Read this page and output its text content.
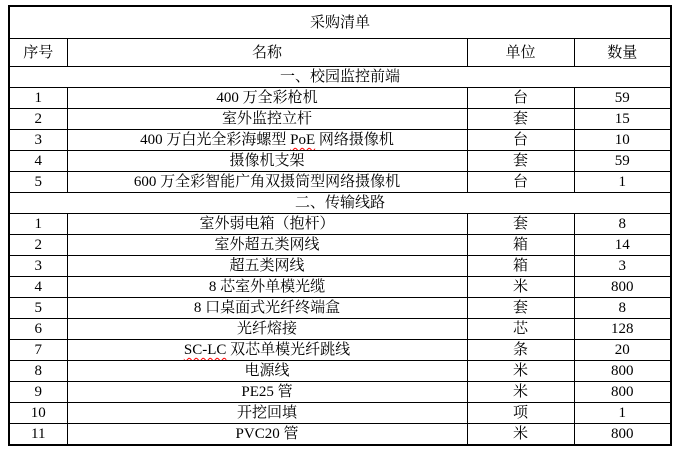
采购清单			
序号	名称	单位	数量
一、校园监控前端			
1	400 万全彩枪机	台	59
2	室外监控立杆	套	15
3	400 万白光全彩海螺型 PoE 网络摄像机	台	10
4	摄像机支架	套	59
5	600 万全彩智能广角双摄筒型网络摄像机	台	1
二、传输线路			
1	室外弱电箱（抱杆）	套	8
2	室外超五类网线	箱	14
3	超五类网线	箱	3
4	8 芯室外单模光缆	米	800
5	8 口桌面式光纤终端盒	套	8
6	光纤熔接	芯	128
7	SC-LC 双芯单模光纤跳线	条	20
8	电源线	米	800
9	PE25 管	米	800
10	开挖回填	项	1
11	PVC20 管	米	800
